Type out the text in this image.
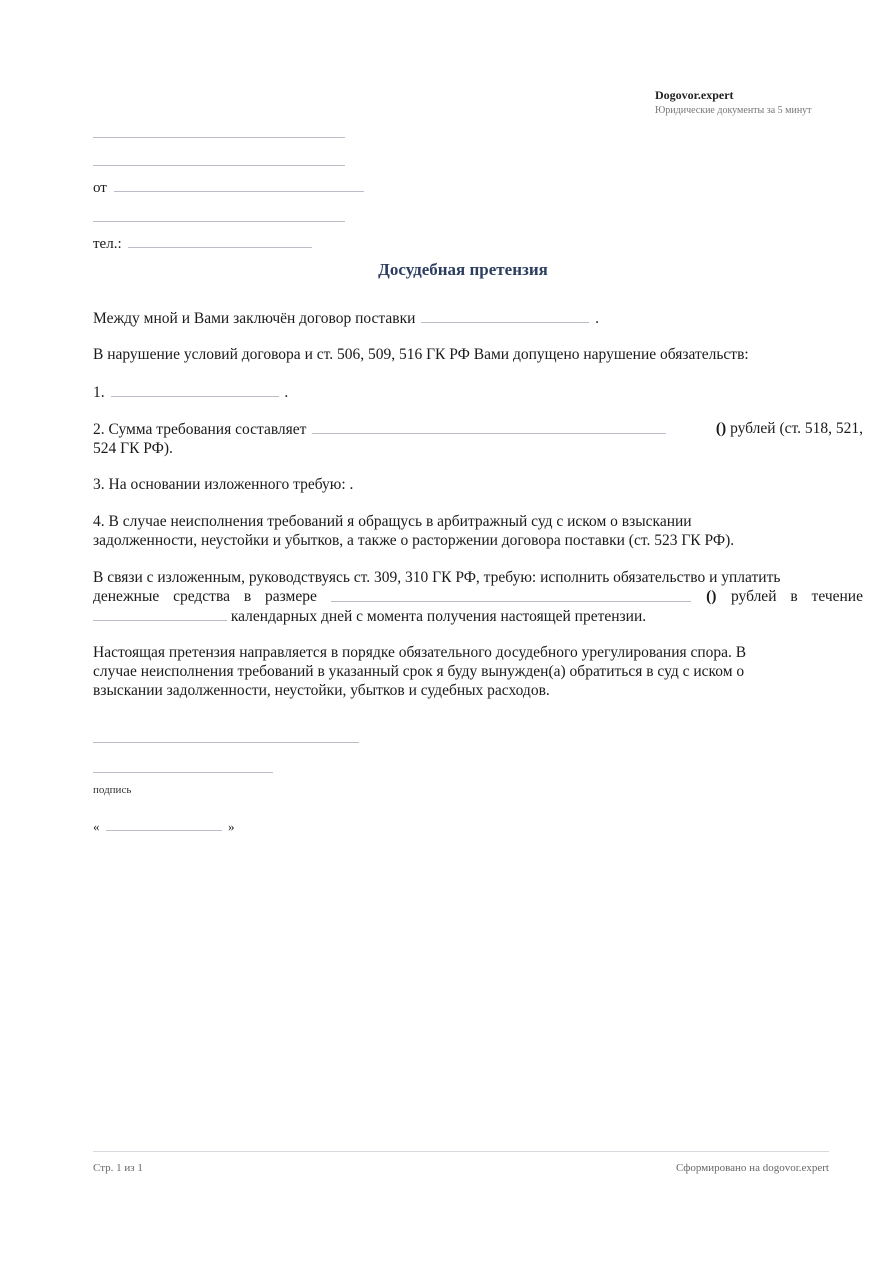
Dogovor.expert
Юридические документы за 5 минут
от
тел.:
Досудебная претензия
Между мной и Вами заключён договор поставки	.
В нарушение условий договора и ст. 506, 509, 516 ГК РФ Вами допущено нарушение обязательств:
1.	.
2. Сумма требования составляет	() рублей (ст. 518, 521,
524 ГК РФ).
3. На основании изложенного требую: .
4. В случае неисполнения требований я обращусь в арбитражный суд с иском о взыскании
задолженности, неустойки и убытков, а также о расторжении договора поставки (ст. 523 ГК РФ).
В связи с изложенным, руководствуясь ст. 309, 310 ГК РФ, требую: исполнить обязательство и уплатить
денежные средства в размере	() рублей в течение
календарных дней с момента получения настоящей претензии.
Настоящая претензия направляется в порядке обязательного досудебного урегулирования спора. В
случае неисполнения требований в указанный срок я буду вынужден(а) обратиться в суд с иском о
взыскании задолженности, неустойки, убытков и судебных расходов.
подпись
«	»
Стр. 1 из 1	Сформировано на dogovor.expert
